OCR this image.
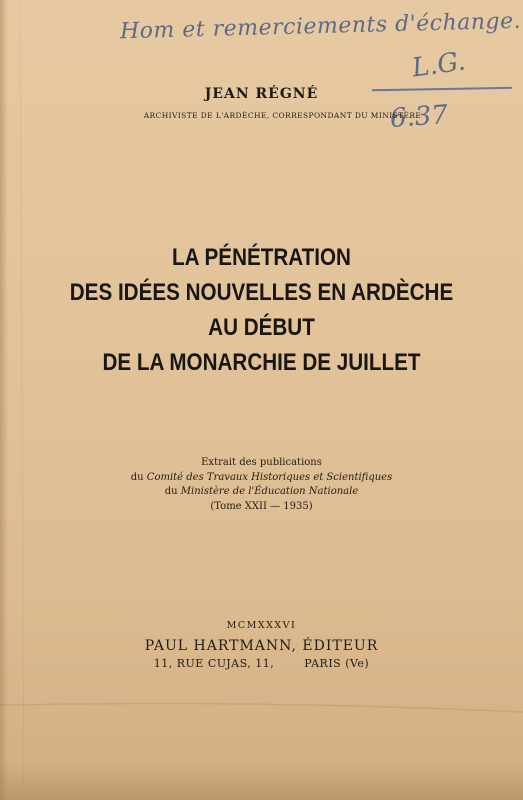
Hom et remerciements d'échange.
L.G.
6.37
JEAN RÉGNÉ
ARCHIVISTE DE L'ARDÈCHE, CORRESPONDANT DU MINISTÈRE
LA PÉNÉTRATION
DES IDÉES NOUVELLES EN ARDÈCHE
AU DÉBUT
DE LA MONARCHIE DE JUILLET
Extrait des publications
du Comité des Travaux Historiques et Scientifiques
du Ministère de l'Éducation Nationale
(Tome XXII — 1935)
MCMXXXVI
PAUL HARTMANN, ÉDITEUR
11, RUE CUJAS, 11,	PARIS (Ve)
